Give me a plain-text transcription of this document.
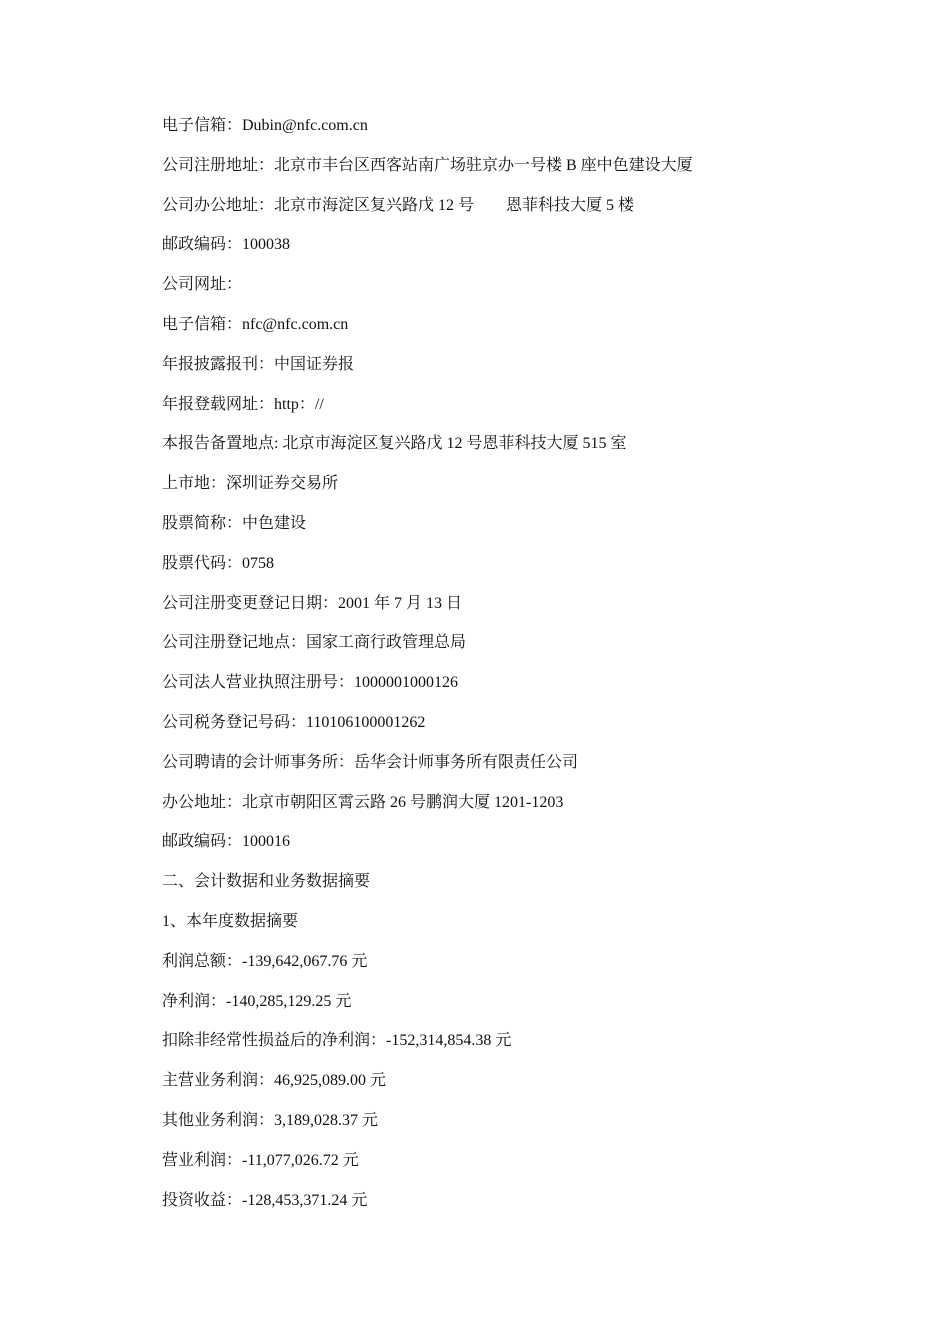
电子信箱：Dubin@nfc.com.cn
公司注册地址：北京市丰台区西客站南广场驻京办一号楼 B 座中色建设大厦
公司办公地址：北京市海淀区复兴路戊 12 号　　恩菲科技大厦 5 楼
邮政编码：100038
公司网址：
电子信箱：nfc@nfc.com.cn
年报披露报刊：中国证券报
年报登载网址：http：//
本报告备置地点: 北京市海淀区复兴路戊 12 号恩菲科技大厦 515 室
上市地：深圳证券交易所
股票简称：中色建设
股票代码：0758
公司注册变更登记日期：2001 年 7 月 13 日
公司注册登记地点：国家工商行政管理总局
公司法人营业执照注册号：1000001000126
公司税务登记号码：110106100001262
公司聘请的会计师事务所：岳华会计师事务所有限责任公司
办公地址：北京市朝阳区霄云路 26 号鹏润大厦 1201-1203
邮政编码：100016
二、会计数据和业务数据摘要
1、本年度数据摘要
利润总额：-139,642,067.76 元
净利润：-140,285,129.25 元
扣除非经常性损益后的净利润：-152,314,854.38 元
主营业务利润：46,925,089.00 元
其他业务利润：3,189,028.37 元
营业利润：-11,077,026.72 元
投资收益：-128,453,371.24 元
